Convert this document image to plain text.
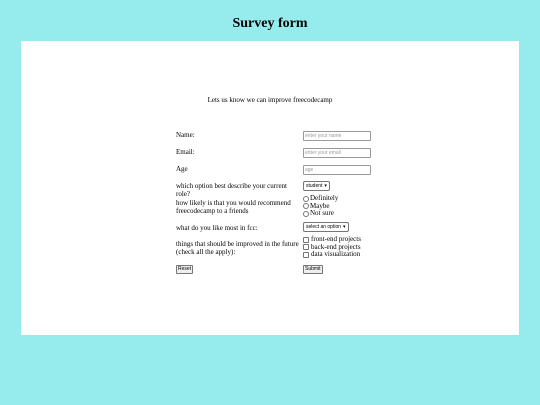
Survey form
Lets us know we can improve freecodecamp
Name:	enter your name
Email:	enter your email
Age	age
which option best describe your current role?
student ▾
how likely is that you would recommend freecodecamp to a friends
Definitely
Maybe
Not sure
what do you like most in fcc:	select an option ▾
things that should be improved in the future (check all the apply):
front-end projects
back-end projects
data visualization
Reset	Submit
